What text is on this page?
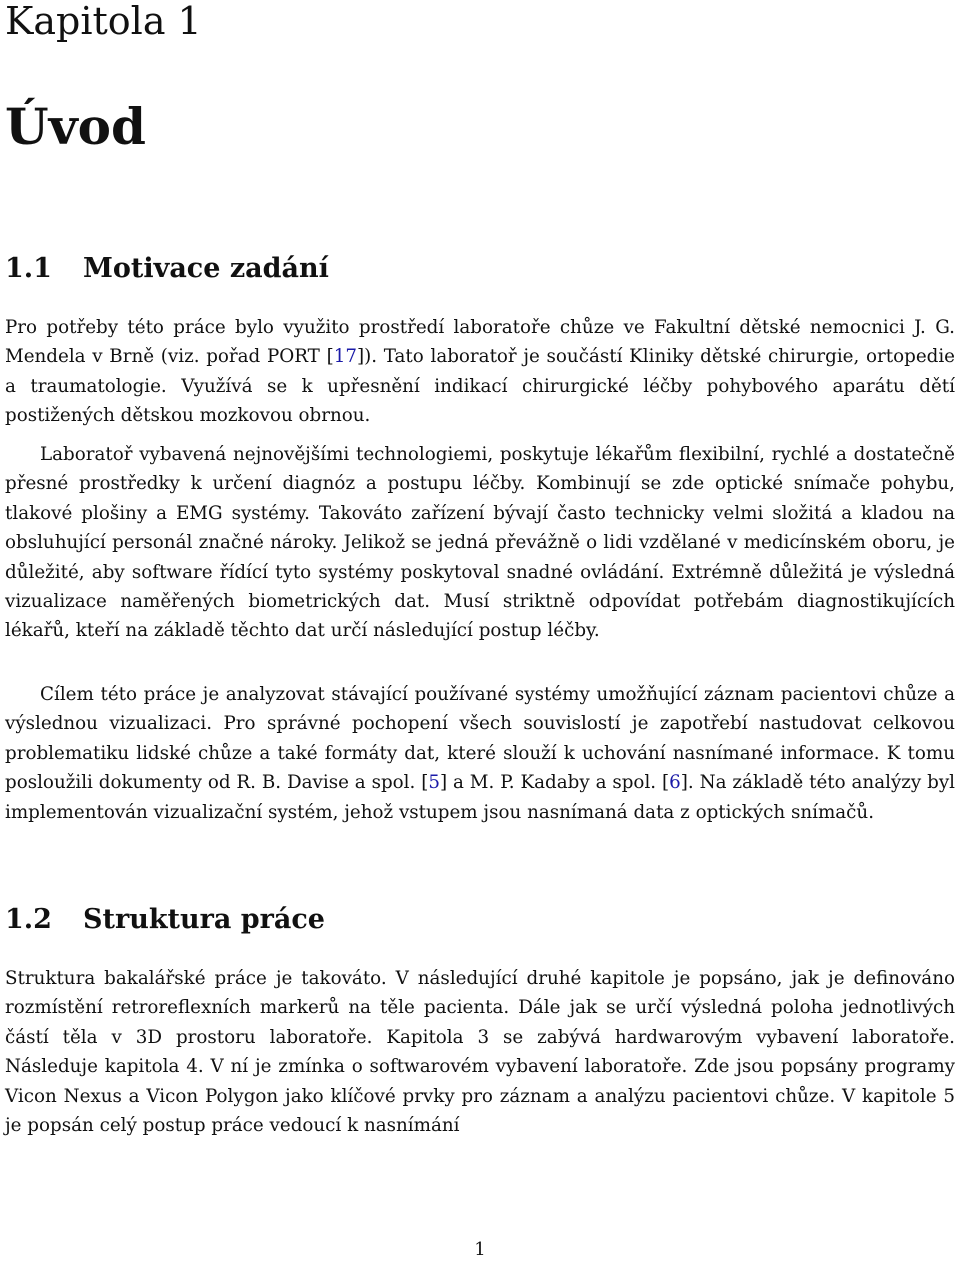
Kapitola 1
Úvod
1.1 Motivace zadání

Pro potřeby této práce bylo využito prostředí laboratoře chůze ve Fakultní dětské nemocnici J. G. Mendela v Brně (viz. pořad PORT [17]). Tato laboratoř je součástí Kliniky dětské chirurgie, ortopedie a traumatologie. Využívá se k upřesnění indikací chirurgické léčby pohybového aparátu dětí postižených dětskou mozkovou obrnou.

Laboratoř vybavená nejnovějšími technologiemi, poskytuje lékařům flexibilní, rychlé a dostatečně přesné prostředky k určení diagnóz a postupu léčby. Kombinují se zde optické snímače pohybu, tlakové plošiny a EMG systémy. Takováto zařízení bývají často technicky velmi složitá a kladou na obsluhující personál značné nároky. Jelikož se jedná převážně o lidi vzdělané v medicínském oboru, je důležité, aby software řídící tyto systémy poskytoval snadné ovládání. Extrémně důležitá je výsledná vizualizace naměřených biometrických dat. Musí striktně odpovídat potřebám diagnostikujících lékařů, kteří na základě těchto dat určí následující postup léčby.

Cílem této práce je analyzovat stávající používané systémy umožňující záznam pacientovi chůze a výslednou vizualizaci. Pro správné pochopení všech souvislostí je zapotřebí nastudovat celkovou problematiku lidské chůze a také formáty dat, které slouží k uchování nasnímané informace. K tomu posloužili dokumenty od R. B. Davise a spol. [5] a M. P. Kadaby a spol. [6]. Na základě této analýzy byl implementován vizualizační systém, jehož vstupem jsou nasnímaná data z optických snímačů.

1.2 Struktura práce

Struktura bakalářské práce je takováto. V následující druhé kapitole je popsáno, jak je definováno rozmístění retroreflexních markerů na těle pacienta. Dále jak se určí výsledná poloha jednotlivých částí těla v 3D prostoru laboratoře. Kapitola 3 se zabývá hardwarovým vybavení laboratoře. Následuje kapitola 4. V ní je zmínka o softwarovém vybavení laboratoře. Zde jsou popsány programy Vicon Nexus a Vicon Polygon jako klíčové prvky pro záznam a analýzu pacientovi chůze. V kapitole 5 je popsán celý postup práce vedoucí k nasnímání

1
